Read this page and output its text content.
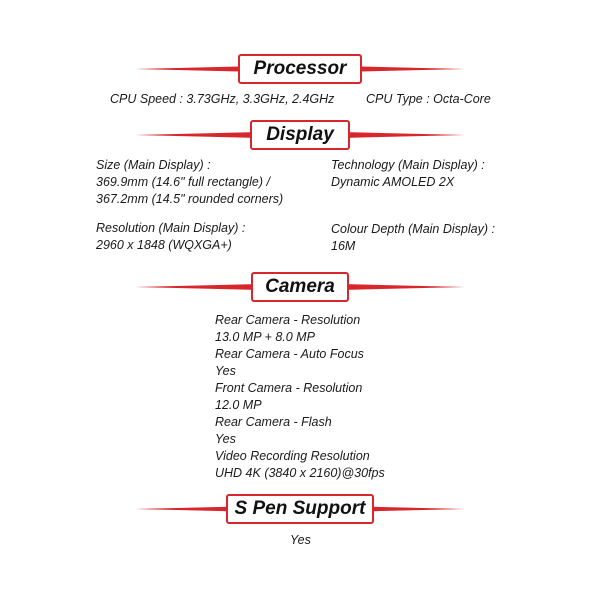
Processor
CPU Speed : 3.73GHz, 3.3GHz, 2.4GHz	CPU Type : Octa-Core
Display
Size (Main Display) :
369.9mm (14.6" full rectangle) /
367.2mm (14.5" rounded corners)
Technology (Main Display) :
Dynamic AMOLED 2X
Resolution (Main Display) :
2960 x 1848 (WQXGA+)
Colour Depth (Main Display) :
16M
Camera
Rear Camera - Resolution
13.0 MP + 8.0 MP
Rear Camera - Auto Focus
Yes
Front Camera - Resolution
12.0 MP
Rear Camera - Flash
Yes
Video Recording Resolution
UHD 4K (3840 x 2160)@30fps
S Pen Support
Yes
